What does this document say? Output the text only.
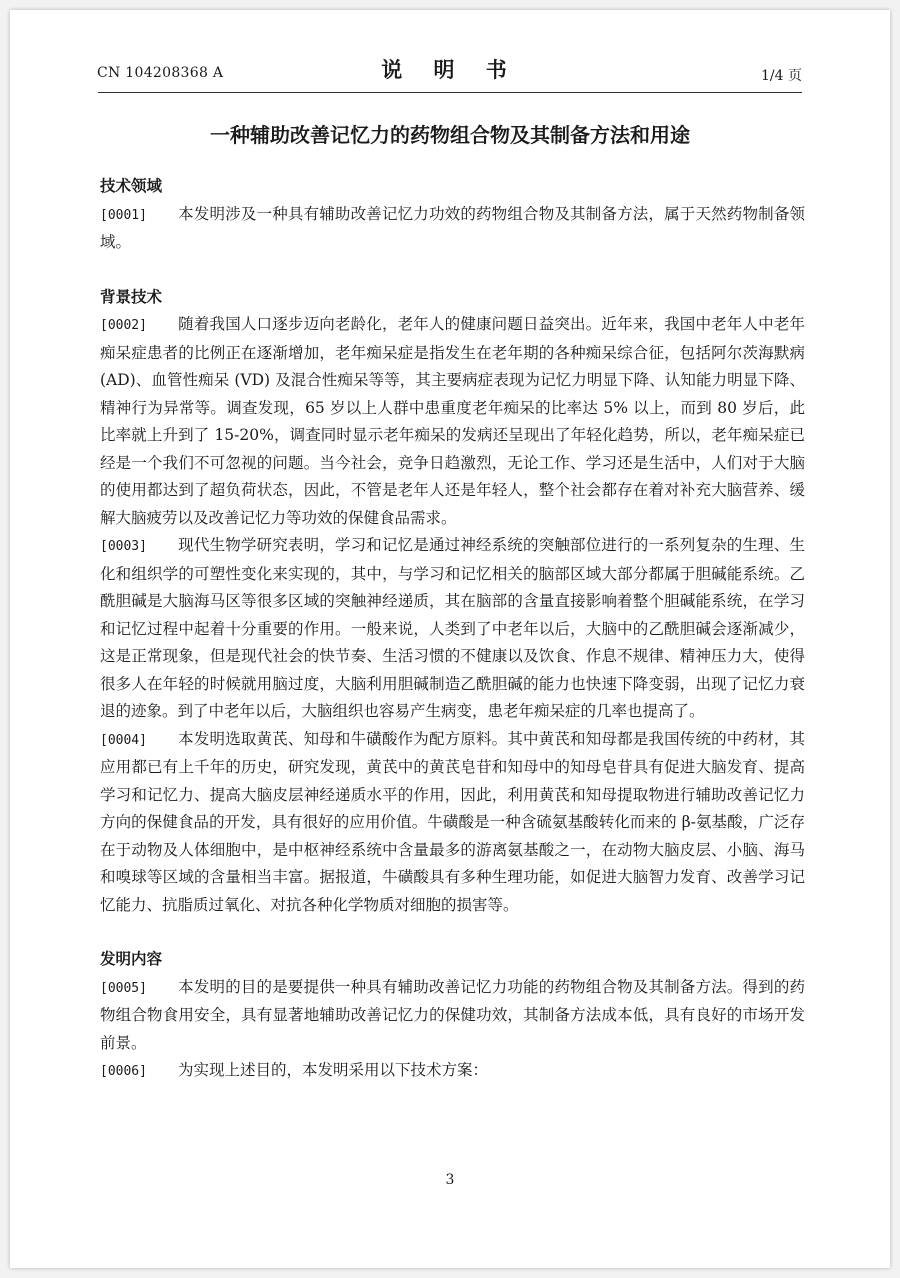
CN 104208368 A	说 明 书	1/4 页
一种辅助改善记忆力的药物组合物及其制备方法和用途
技术领域

[0001] 本发明涉及一种具有辅助改善记忆力功效的药物组合物及其制备方法，属于天然药物制备领域。

背景技术

[0002] 随着我国人口逐步迈向老龄化，老年人的健康问题日益突出。近年来，我国中老年人中老年痴呆症患者的比例正在逐渐增加，老年痴呆症是指发生在老年期的各种痴呆综合征，包括阿尔茨海默病 (AD)、血管性痴呆 (VD) 及混合性痴呆等等，其主要病症表现为记忆力明显下降、认知能力明显下降、精神行为异常等。调查发现，65 岁以上人群中患重度老年痴呆的比率达 5% 以上，而到 80 岁后，此比率就上升到了 15-20%，调查同时显示老年痴呆的发病还呈现出了年轻化趋势，所以，老年痴呆症已经是一个我们不可忽视的问题。当今社会，竞争日趋激烈，无论工作、学习还是生活中，人们对于大脑的使用都达到了超负荷状态，因此，不管是老年人还是年轻人，整个社会都存在着对补充大脑营养、缓解大脑疲劳以及改善记忆力等功效的保健食品需求。

[0003] 现代生物学研究表明，学习和记忆是通过神经系统的突触部位进行的一系列复杂的生理、生化和组织学的可塑性变化来实现的，其中，与学习和记忆相关的脑部区域大部分都属于胆碱能系统。乙酰胆碱是大脑海马区等很多区域的突触神经递质，其在脑部的含量直接影响着整个胆碱能系统，在学习和记忆过程中起着十分重要的作用。一般来说，人类到了中老年以后，大脑中的乙酰胆碱会逐渐减少，这是正常现象，但是现代社会的快节奏、生活习惯的不健康以及饮食、作息不规律、精神压力大，使得很多人在年轻的时候就用脑过度，大脑利用胆碱制造乙酰胆碱的能力也快速下降变弱，出现了记忆力衰退的迹象。到了中老年以后，大脑组织也容易产生病变，患老年痴呆症的几率也提高了。

[0004] 本发明选取黄芪、知母和牛磺酸作为配方原料。其中黄芪和知母都是我国传统的中药材，其应用都已有上千年的历史，研究发现，黄芪中的黄芪皂苷和知母中的知母皂苷具有促进大脑发育、提高学习和记忆力、提高大脑皮层神经递质水平的作用，因此，利用黄芪和知母提取物进行辅助改善记忆力方向的保健食品的开发，具有很好的应用价值。牛磺酸是一种含硫氨基酸转化而来的 β-氨基酸，广泛存在于动物及人体细胞中，是中枢神经系统中含量最多的游离氨基酸之一，在动物大脑皮层、小脑、海马和嗅球等区域的含量相当丰富。据报道，牛磺酸具有多种生理功能，如促进大脑智力发育、改善学习记忆能力、抗脂质过氧化、对抗各种化学物质对细胞的损害等。

发明内容

[0005] 本发明的目的是要提供一种具有辅助改善记忆力功能的药物组合物及其制备方法。得到的药物组合物食用安全，具有显著地辅助改善记忆力的保健功效，其制备方法成本低，具有良好的市场开发前景。

[0006] 为实现上述目的，本发明采用以下技术方案：

3
